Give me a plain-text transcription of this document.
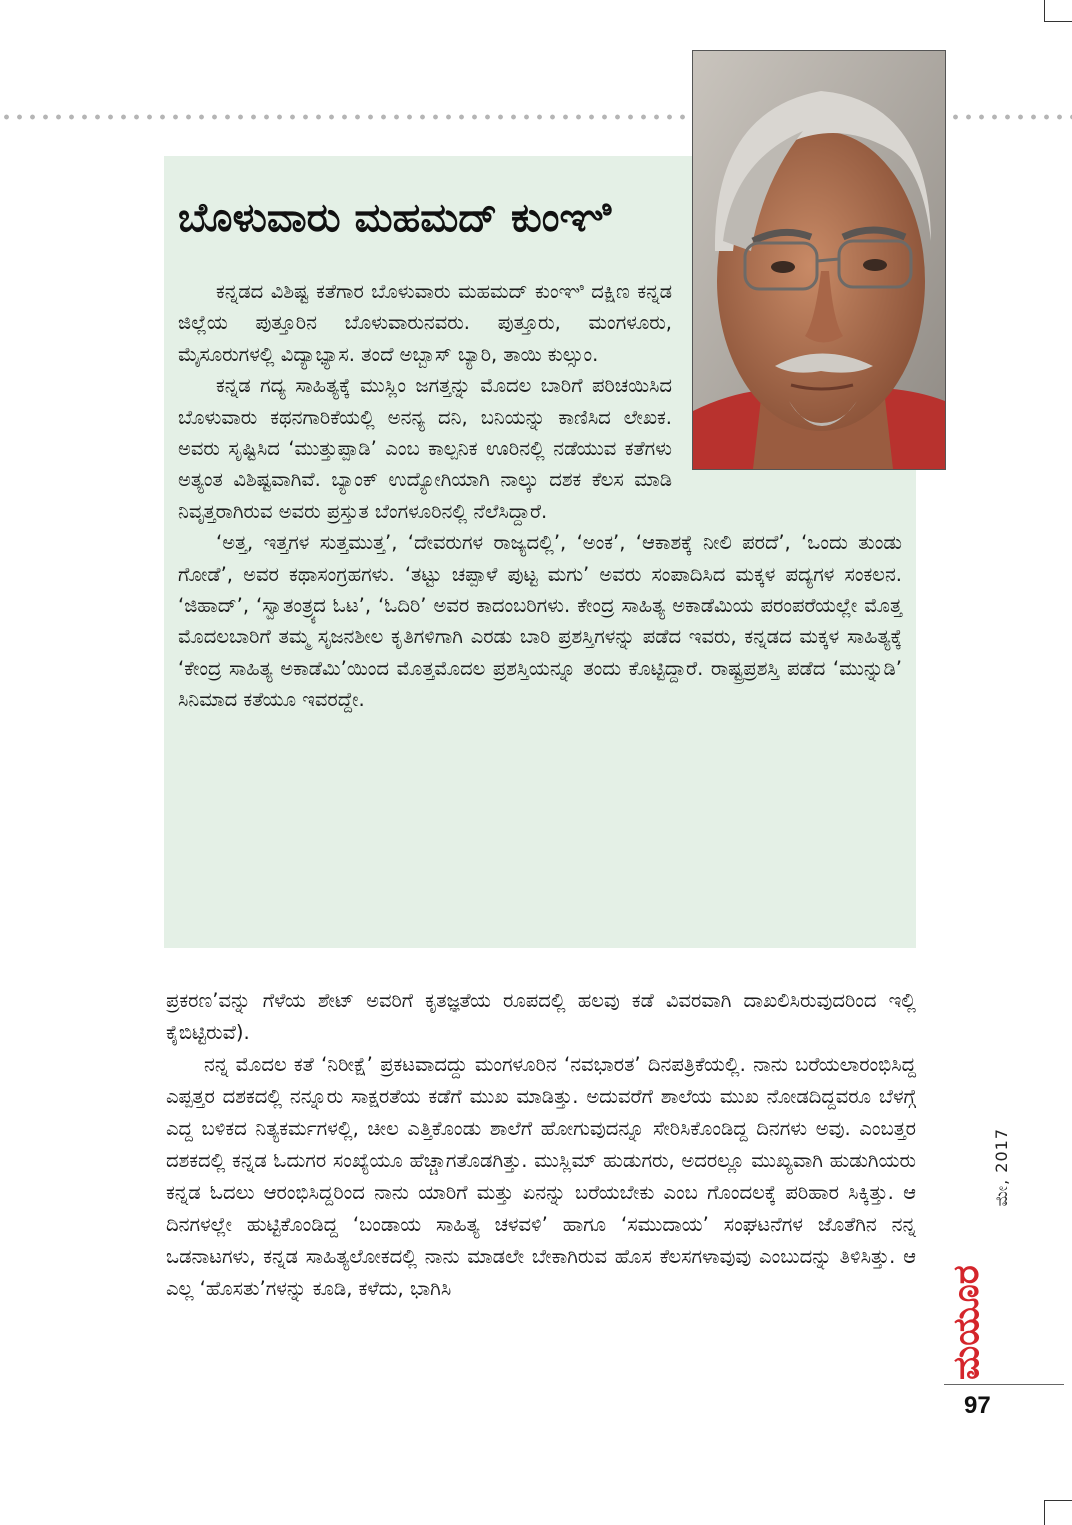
ಬೊಳುವಾರು ಮಹಮದ್ ಕುಂಞಿ

ಕನ್ನಡದ ವಿಶಿಷ್ಟ ಕತೆಗಾರ ಬೊಳುವಾರು ಮಹಮದ್ ಕುಂಞಿ ದಕ್ಷಿಣ ಕನ್ನಡ ಜಿಲ್ಲೆಯ ಪುತ್ತೂರಿನ ಬೊಳುವಾರುನವರು. ಪುತ್ತೂರು, ಮಂಗಳೂರು, ಮೈಸೂರುಗಳಲ್ಲಿ ವಿದ್ಯಾಭ್ಯಾಸ. ತಂದೆ ಅಬ್ಬಾಸ್ ಬ್ಯಾರಿ, ತಾಯಿ ಕುಲ್ಸುಂ.

ಕನ್ನಡ ಗದ್ಯ ಸಾಹಿತ್ಯಕ್ಕೆ ಮುಸ್ಲಿಂ ಜಗತ್ತನ್ನು ಮೊದಲ ಬಾರಿಗೆ ಪರಿಚಯಿಸಿದ ಬೊಳುವಾರು ಕಥನಗಾರಿಕೆಯಲ್ಲಿ ಅನನ್ಯ ದನಿ, ಬನಿಯನ್ನು ಕಾಣಿಸಿದ ಲೇಖಕ. ಅವರು ಸೃಷ್ಟಿಸಿದ ‘ಮುತ್ತುಪ್ಪಾಡಿ’ ಎಂಬ ಕಾಲ್ಪನಿಕ ಊರಿನಲ್ಲಿ ನಡೆಯುವ ಕತೆಗಳು ಅತ್ಯಂತ ವಿಶಿಷ್ಟವಾಗಿವೆ. ಬ್ಯಾಂಕ್ ಉದ್ಯೋಗಿಯಾಗಿ ನಾಲ್ಕು ದಶಕ ಕೆಲಸ ಮಾಡಿ ನಿವೃತ್ತರಾಗಿರುವ ಅವರು ಪ್ರಸ್ತುತ ಬೆಂಗಳೂರಿನಲ್ಲಿ ನೆಲೆಸಿದ್ದಾರೆ.

‘ಅತ್ತ, ಇತ್ತಗಳ ಸುತ್ತಮುತ್ತ’, ‘ದೇವರುಗಳ ರಾಜ್ಯದಲ್ಲಿ’, ‘ಅಂಕ’, ‘ಆಕಾಶಕ್ಕೆ ನೀಲಿ ಪರದೆ’, ‘ಒಂದು ತುಂಡು ಗೋಡೆ’, ಅವರ ಕಥಾಸಂಗ್ರಹಗಳು. ‘ತಟ್ಟು ಚಪ್ಪಾಳೆ ಪುಟ್ಟ ಮಗು’ ಅವರು ಸಂಪಾದಿಸಿದ ಮಕ್ಕಳ ಪದ್ಯಗಳ ಸಂಕಲನ. ‘ಜಿಹಾದ್’, ‘ಸ್ವಾತಂತ್ರ್ಯದ ಓಟ’, ‘ಓದಿರಿ’ ಅವರ ಕಾದಂಬರಿಗಳು. ಕೇಂದ್ರ ಸಾಹಿತ್ಯ ಅಕಾಡೆಮಿಯ ಪರಂಪರೆಯಲ್ಲೇ ಮೊತ್ತ ಮೊದಲಬಾರಿಗೆ ತಮ್ಮ ಸೃಜನಶೀಲ ಕೃತಿಗಳಿಗಾಗಿ ಎರಡು ಬಾರಿ ಪ್ರಶಸ್ತಿಗಳನ್ನು ಪಡೆದ ಇವರು, ಕನ್ನಡದ ಮಕ್ಕಳ ಸಾಹಿತ್ಯಕ್ಕೆ ‘ಕೇಂದ್ರ ಸಾಹಿತ್ಯ ಅಕಾಡೆಮಿ’ಯಿಂದ ಮೊತ್ತಮೊದಲ ಪ್ರಶಸ್ತಿಯನ್ನೂ ತಂದು ಕೊಟ್ಟಿದ್ದಾರೆ. ರಾಷ್ಟ್ರಪ್ರಶಸ್ತಿ ಪಡೆದ ‘ಮುನ್ನುಡಿ’ ಸಿನಿಮಾದ ಕತೆಯೂ ಇವರದ್ದೇ.

ಪ್ರಕರಣ’ವನ್ನು ಗೆಳೆಯ ಶೇಟ್ ಅವರಿಗೆ ಕೃತಜ್ಞತೆಯ ರೂಪದಲ್ಲಿ ಹಲವು ಕಡೆ ವಿವರವಾಗಿ ದಾಖಲಿಸಿರುವುದರಿಂದ ಇಲ್ಲಿ ಕೈಬಿಟ್ಟಿರುವೆ).

ನನ್ನ ಮೊದಲ ಕತೆ ‘ನಿರೀಕ್ಷೆ’ ಪ್ರಕಟವಾದದ್ದು ಮಂಗಳೂರಿನ ‘ನವಭಾರತ’ ದಿನಪತ್ರಿಕೆಯಲ್ಲಿ. ನಾನು ಬರೆಯಲಾರಂಭಿಸಿದ್ದ ಎಪ್ಪತ್ತರ ದಶಕದಲ್ಲಿ ನನ್ನೂರು ಸಾಕ್ಷರತೆಯ ಕಡೆಗೆ ಮುಖ ಮಾಡಿತ್ತು. ಅದುವರೆಗೆ ಶಾಲೆಯ ಮುಖ ನೋಡದಿದ್ದವರೂ ಬೆಳಗ್ಗೆ ಎದ್ದ ಬಳಿಕದ ನಿತ್ಯಕರ್ಮಗಳಲ್ಲಿ, ಚೀಲ ಎತ್ತಿಕೊಂಡು ಶಾಲೆಗೆ ಹೋಗುವುದನ್ನೂ ಸೇರಿಸಿಕೊಂಡಿದ್ದ ದಿನಗಳು ಅವು. ಎಂಬತ್ತರ ದಶಕದಲ್ಲಿ ಕನ್ನಡ ಓದುಗರ ಸಂಖ್ಯೆಯೂ ಹೆಚ್ಚಾಗತೊಡಗಿತ್ತು. ಮುಸ್ಲಿಮ್ ಹುಡುಗರು, ಅದರಲ್ಲೂ ಮುಖ್ಯವಾಗಿ ಹುಡುಗಿಯರು ಕನ್ನಡ ಓದಲು ಆರಂಭಿಸಿದ್ದರಿಂದ ನಾನು ಯಾರಿಗೆ ಮತ್ತು ಏನನ್ನು ಬರೆಯಬೇಕು ಎಂಬ ಗೊಂದಲಕ್ಕೆ ಪರಿಹಾರ ಸಿಕ್ಕಿತ್ತು. ಆ ದಿನಗಳಲ್ಲೇ ಹುಟ್ಟಿಕೊಂಡಿದ್ದ ‘ಬಂಡಾಯ ಸಾಹಿತ್ಯ ಚಳವಳಿ’ ಹಾಗೂ ‘ಸಮುದಾಯ’ ಸಂಘಟನೆಗಳ ಜೊತೆಗಿನ ನನ್ನ ಒಡನಾಟಗಳು, ಕನ್ನಡ ಸಾಹಿತ್ಯಲೋಕದಲ್ಲಿ ನಾನು ಮಾಡಲೇ ಬೇಕಾಗಿರುವ ಹೊಸ ಕೆಲಸಗಳಾವುವು ಎಂಬುದನ್ನು ತಿಳಿಸಿತ್ತು. ಆ ಎಲ್ಲ ‘ಹೊಸತು’ಗಳನ್ನು ಕೂಡಿ, ಕಳೆದು, ಭಾಗಿಸಿ

ಮೇ, 2017
ಮಯೂರ
97
